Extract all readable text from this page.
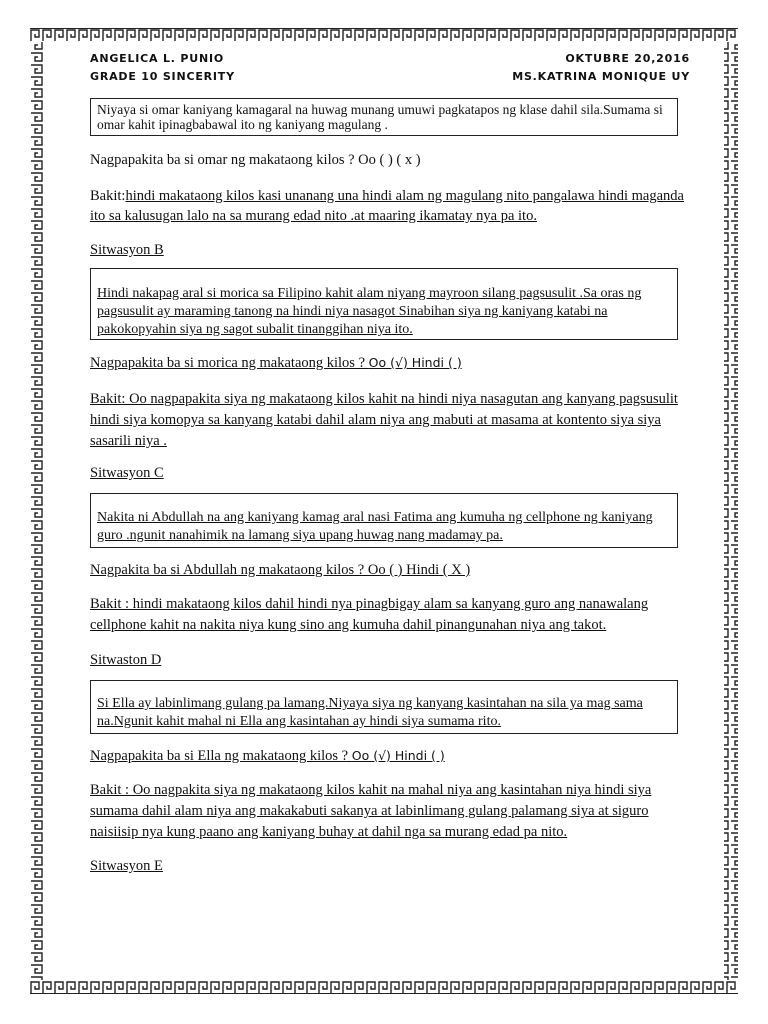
ANGELICA L. PUNIO	OKTUBRE 20,2016
GRADE 10 SINCERITY	MS.KATRINA MONIQUE UY
Niyaya si omar kaniyang kamagaral na huwag munang umuwi pagkatapos ng klase dahil sila.Sumama si omar kahit ipinagbabawal ito ng kaniyang magulang .
Nagpapakita ba si omar ng makataong kilos ? Oo ( ) ( x )
Bakit:hindi makataong kilos kasi unanang una hindi alam ng magulang nito pangalawa hindi maganda ito sa kalusugan lalo na sa murang edad nito .at maaring ikamatay nya pa ito.
Sitwasyon B
Hindi nakapag aral si morica sa Filipino kahit alam niyang mayroon silang pagsusulit .Sa oras ng pagsusulit ay maraming tanong na hindi niya nasagot Sinabihan siya ng kaniyang katabi na pakokopyahin siya ng sagot subalit tinanggihan niya ito.
Nagpapakita ba si morica ng makataong kilos ? Oo (√) Hindi ( )
Bakit: Oo nagpapakita siya ng makataong kilos kahit na hindi niya nasagutan ang kanyang pagsusulit hindi siya komopya sa kanyang katabi dahil alam niya ang mabuti at masama at kontento siya siya sasarili niya .
Sitwasyon C
Nakita ni Abdullah na ang kaniyang kamag aral nasi Fatima ang kumuha ng cellphone ng kaniyang guro .ngunit nanahimik na lamang siya upang huwag nang madamay pa.
Nagpakita ba si Abdullah ng makataong kilos ? Oo ( ) Hindi ( X )
Bakit : hindi makataong kilos dahil hindi nya pinagbigay alam sa kanyang guro ang nanawalang cellphone kahit na nakita niya kung sino ang kumuha dahil pinangunahan niya ang takot.
Sitwaston D
Si Ella ay labinlimang gulang pa lamang.Niyaya siya ng kanyang kasintahan na sila ya mag sama na.Ngunit kahit mahal ni Ella ang kasintahan ay hindi siya sumama rito.
Nagpapakita ba si Ella ng makataong kilos ? Oo (√) Hindi ( )
Bakit : Oo nagpakita siya ng makataong kilos kahit na mahal niya ang kasintahan niya hindi siya sumama dahil alam niya ang makakabuti sakanya at labinlimang gulang palamang siya at siguro naisiisip nya kung paano ang kaniyang buhay at dahil nga sa murang edad pa nito.
Sitwasyon E
